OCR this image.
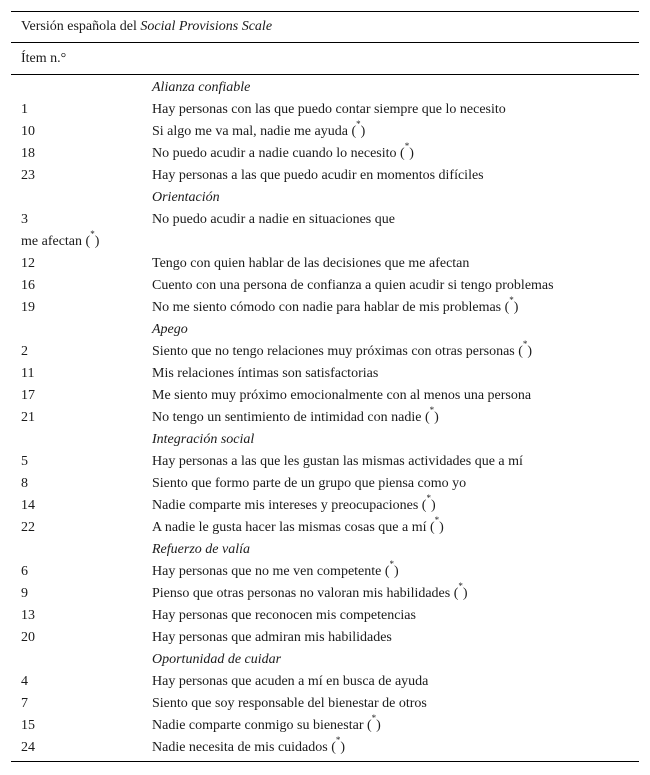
Versión española del Social Provisions Scale
Ítem n.°
Alianza confiable
1	Hay personas con las que puedo contar siempre que lo necesito
10	Si algo me va mal, nadie me ayuda (*)
18	No puedo acudir a nadie cuando lo necesito (*)
23	Hay personas a las que puedo acudir en momentos difíciles
Orientación
3	No puedo acudir a nadie en situaciones que
me afectan (*)
12	Tengo con quien hablar de las decisiones que me afectan
16	Cuento con una persona de confianza a quien acudir si tengo problemas
19	No me siento cómodo con nadie para hablar de mis problemas (*)
Apego
2	Siento que no tengo relaciones muy próximas con otras personas (*)
11	Mis relaciones íntimas son satisfactorias
17	Me siento muy próximo emocionalmente con al menos una persona
21	No tengo un sentimiento de intimidad con nadie (*)
Integración social
5	Hay personas a las que les gustan las mismas actividades que a mí
8	Siento que formo parte de un grupo que piensa como yo
14	Nadie comparte mis intereses y preocupaciones (*)
22	A nadie le gusta hacer las mismas cosas que a mí (*)
Refuerzo de valía
6	Hay personas que no me ven competente (*)
9	Pienso que otras personas no valoran mis habilidades (*)
13	Hay personas que reconocen mis competencias
20	Hay personas que admiran mis habilidades
Oportunidad de cuidar
4	Hay personas que acuden a mí en busca de ayuda
7	Siento que soy responsable del bienestar de otros
15	Nadie comparte conmigo su bienestar (*)
24	Nadie necesita de mis cuidados (*)
